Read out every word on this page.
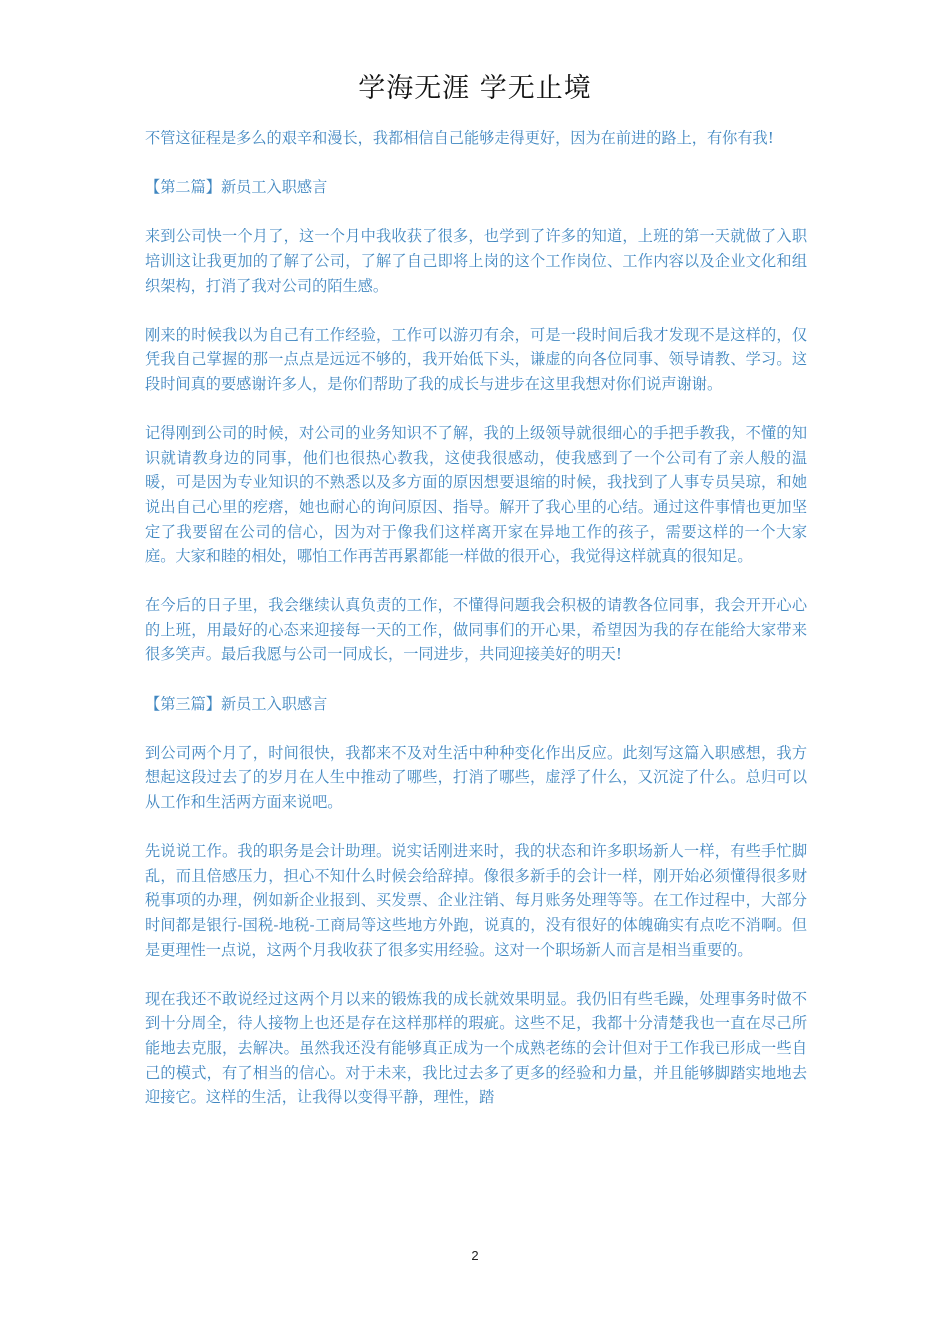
学海无涯 学无止境

不管这征程是多么的艰辛和漫长，我都相信自己能够走得更好，因为在前进的路上，有你有我!

【第二篇】新员工入职感言

来到公司快一个月了，这一个月中我收获了很多，也学到了许多的知道，上班的第一天就做了入职培训这让我更加的了解了公司，了解了自己即将上岗的这个工作岗位、工作内容以及企业文化和组织架构，打消了我对公司的陌生感。

刚来的时候我以为自己有工作经验，工作可以游刃有余，可是一段时间后我才发现不是这样的，仅凭我自己掌握的那一点点是远远不够的，我开始低下头，谦虚的向各位同事、领导请教、学习。这段时间真的要感谢许多人，是你们帮助了我的成长与进步在这里我想对你们说声谢谢。

记得刚到公司的时候，对公司的业务知识不了解，我的上级领导就很细心的手把手教我，不懂的知识就请教身边的同事，他们也很热心教我，这使我很感动，使我感到了一个公司有了亲人般的温暖，可是因为专业知识的不熟悉以及多方面的原因想要退缩的时候，我找到了人事专员吴琼，和她说出自己心里的疙瘩，她也耐心的询问原因、指导。解开了我心里的心结。通过这件事情也更加坚定了我要留在公司的信心，因为对于像我们这样离开家在异地工作的孩子，需要这样的一个大家庭。大家和睦的相处，哪怕工作再苦再累都能一样做的很开心，我觉得这样就真的很知足。

在今后的日子里，我会继续认真负责的工作，不懂得问题我会积极的请教各位同事，我会开开心心的上班，用最好的心态来迎接每一天的工作，做同事们的开心果，希望因为我的存在能给大家带来很多笑声。最后我愿与公司一同成长，一同进步，共同迎接美好的明天!

【第三篇】新员工入职感言

到公司两个月了，时间很快，我都来不及对生活中种种变化作出反应。此刻写这篇入职感想，我方想起这段过去了的岁月在人生中推动了哪些，打消了哪些，虚浮了什么，又沉淀了什么。总归可以从工作和生活两方面来说吧。

先说说工作。我的职务是会计助理。说实话刚进来时，我的状态和许多职场新人一样，有些手忙脚乱，而且倍感压力，担心不知什么时候会给辞掉。像很多新手的会计一样，刚开始必须懂得很多财税事项的办理，例如新企业报到、买发票、企业注销、每月账务处理等等。在工作过程中，大部分时间都是银行-国税-地税-工商局等这些地方外跑，说真的，没有很好的体魄确实有点吃不消啊。但是更理性一点说，这两个月我收获了很多实用经验。这对一个职场新人而言是相当重要的。

现在我还不敢说经过这两个月以来的锻炼我的成长就效果明显。我仍旧有些毛躁，处理事务时做不到十分周全，待人接物上也还是存在这样那样的瑕疵。这些不足，我都十分清楚我也一直在尽己所能地去克服，去解决。虽然我还没有能够真正成为一个成熟老练的会计但对于工作我已形成一些自己的模式，有了相当的信心。对于未来，我比过去多了更多的经验和力量，并且能够脚踏实地地去迎接它。这样的生活，让我得以变得平静，理性，踏

2
